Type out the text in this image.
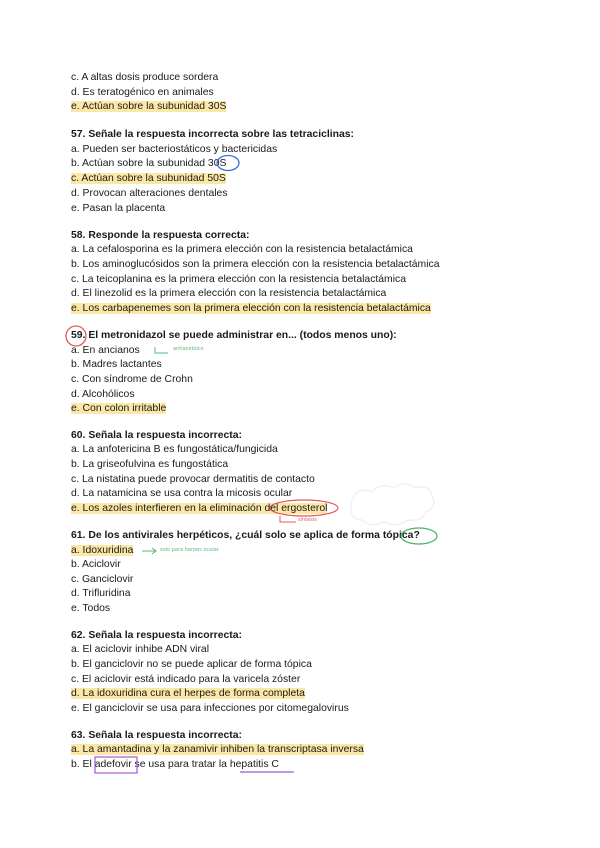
c. A altas dosis produce sordera
d. Es teratogénico en animales
e. Actúan sobre la subunidad 30S
57. Señale la respuesta incorrecta sobre las tetraciclinas:
a. Pueden ser bacteriostáticos y bactericidas
b. Actúan sobre la subunidad 30S
c. Actúan sobre la subunidad 50S
d. Provocan alteraciones dentales
e. Pasan la placenta
58. Responde la respuesta correcta:
a. La cefalosporina es la primera elección con la resistencia betalactámica
b. Los aminoglucósidos son la primera elección con la resistencia betalactámica
c. La teicoplanina es la primera elección con la resistencia betalactámica
d. El linezolid es la primera elección con la resistencia betalactámica
e. Los carbapenemes son la primera elección con la resistencia betalactámica
59. El metronidazol se puede administrar en... (todos menos uno):
a. En ancianos	antiacetóico
b. Madres lactantes
c. Con síndrome de Crohn
d. Alcohólicos
e. Con colon irritable
60. Señala la respuesta incorrecta:
a. La anfotericina B es fungostática/fungicida
b. La griseofulvina es fungostática
c. La nistatina puede provocar dermatitis de contacto
d. La natamicina se usa contra la micosis ocular
e. Los azoles interfieren en la eliminación del ergosterol
síntesis
61. De los antivirales herpéticos, ¿cuál solo se aplica de forma tópica?
a. Idoxuridina	solo para herpes ocular
b. Aciclovir
c. Ganciclovir
d. Trifluridina
e. Todos
62. Señala la respuesta incorrecta:
a. El aciclovir inhibe ADN viral
b. El ganciclovir no se puede aplicar de forma tópica
c. El aciclovir está indicado para la varicela zóster
d. La idoxuridina cura el herpes de forma completa
e. El ganciclovir se usa para infecciones por citomegalovirus
63. Señala la respuesta incorrecta:
a. La amantadina y la zanamivir inhiben la transcriptasa inversa
b. El adefovir se usa para tratar la hepatitis C
